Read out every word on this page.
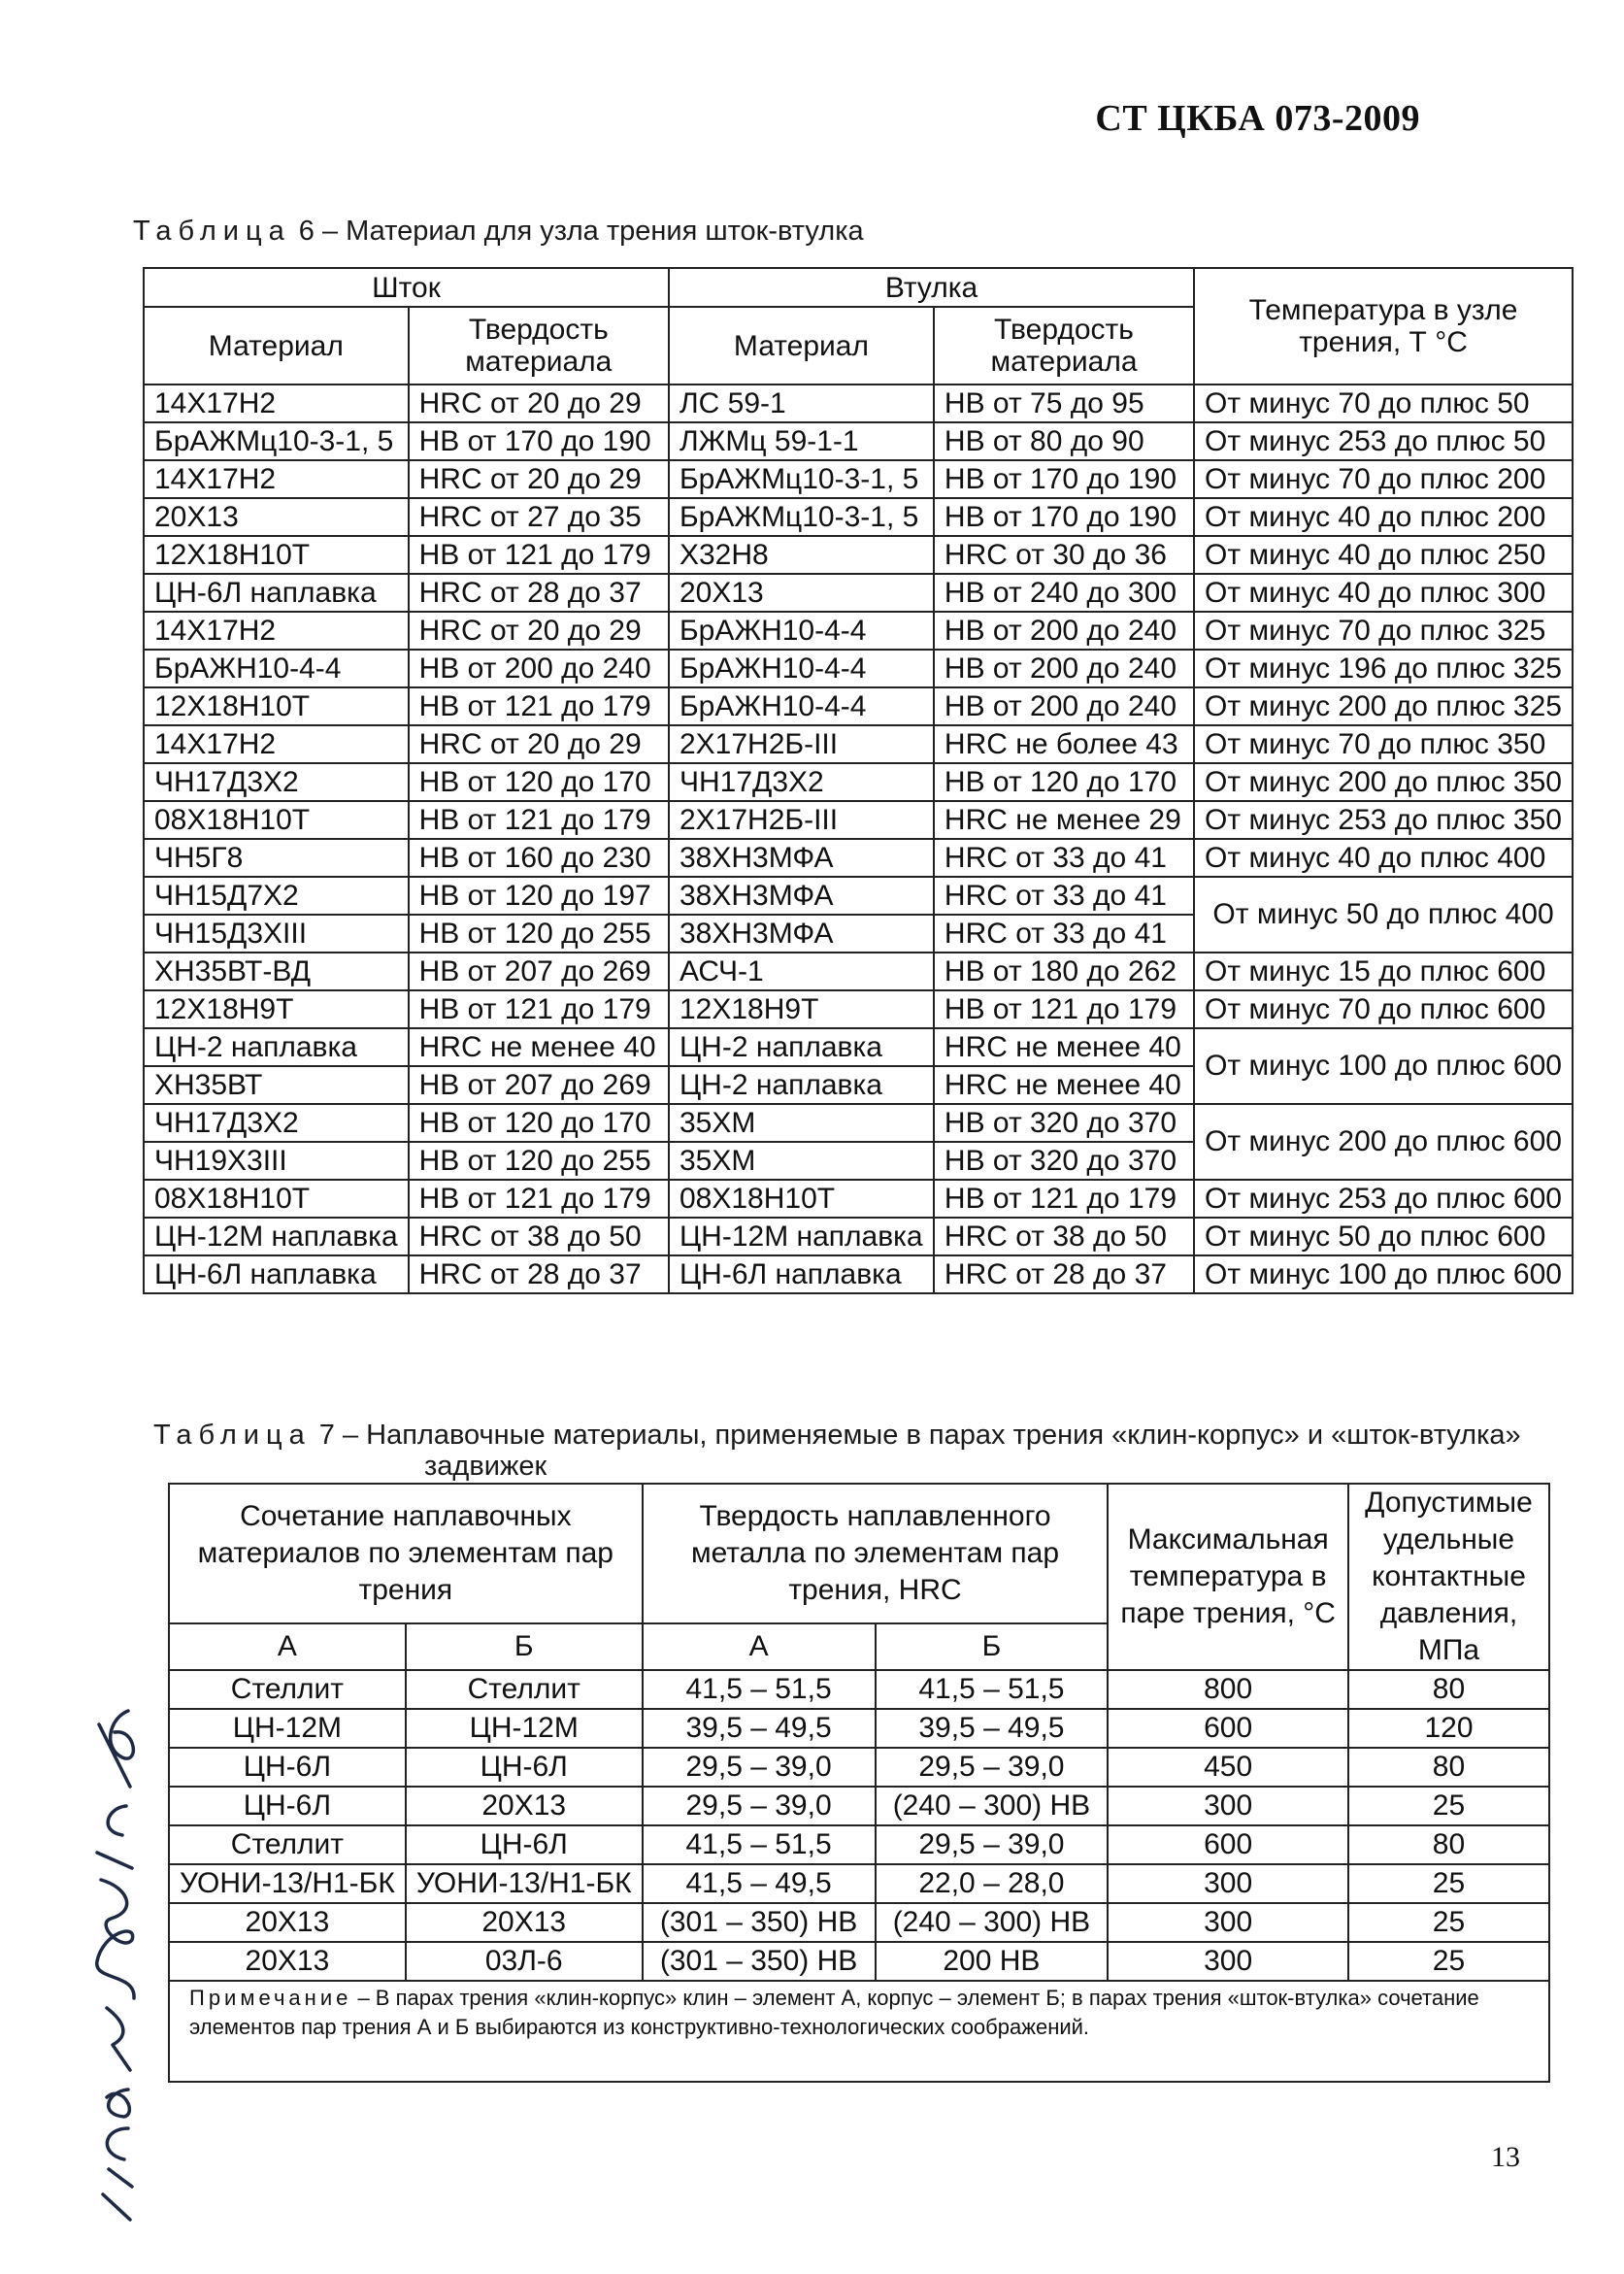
СТ ЦКБА 073-2009
Таблица 6 – Материал для узла трения шток-втулка
Шток		Втулка		Температура в узле трения, Т °С
Материал	Твердость материала	Материал	Твердость материала	
14Х17Н2	HRC от 20 до 29	ЛС 59-1	НВ от 75 до 95	От минус 70 до плюс 50
БрАЖМц10-3-1, 5	НВ от 170 до 190	ЛЖМц 59-1-1	НВ от 80 до 90	От минус 253 до плюс 50
14Х17Н2	HRC от 20 до 29	БрАЖМц10-3-1, 5	НВ от 170 до 190	От минус 70 до плюс 200
20Х13	HRC от 27 до 35	БрАЖМц10-3-1, 5	НВ от 170 до 190	От минус 40 до плюс 200
12Х18Н10Т	НВ от 121 до 179	Х32Н8	HRC от 30 до 36	От минус 40 до плюс 250
ЦН-6Л наплавка	HRC от 28 до 37	20Х13	НВ от 240 до 300	От минус 40 до плюс 300
14Х17Н2	HRC от 20 до 29	БрАЖН10-4-4	НВ от 200 до 240	От минус 70 до плюс 325
БрАЖН10-4-4	НВ от 200 до 240	БрАЖН10-4-4	НВ от 200 до 240	От минус 196 до плюс 325
12Х18Н10Т	НВ от 121 до 179	БрАЖН10-4-4	НВ от 200 до 240	От минус 200 до плюс 325
14Х17Н2	HRC от 20 до 29	2Х17Н2Б-III	HRC не более 43	От минус 70 до плюс 350
ЧН17Д3Х2	НВ от 120 до 170	ЧН17Д3Х2	НВ от 120 до 170	От минус 200 до плюс 350
08Х18Н10Т	НВ от 121 до 179	2Х17Н2Б-III	HRC не менее 29	От минус 253 до плюс 350
ЧН5Г8	НВ от 160 до 230	38ХН3МФА	HRC от 33 до 41	От минус 40 до плюс 400
ЧН15Д7Х2	НВ от 120 до 197	38ХН3МФА	HRC от 33 до 41	От минус 50 до плюс 400
ЧН15Д3ХIII	НВ от 120 до 255	38ХН3МФА	HRC от 33 до 41	
ХН35ВТ-ВД	НВ от 207 до 269	АСЧ-1	НВ от 180 до 262	От минус 15 до плюс 600
12Х18Н9Т	НВ от 121 до 179	12Х18Н9Т	НВ от 121 до 179	От минус 70 до плюс 600
ЦН-2 наплавка	HRC не менее 40	ЦН-2 наплавка	HRC не менее 40	От минус 100 до плюс 600
ХН35ВТ	НВ от 207 до 269	ЦН-2 наплавка	HRC не менее 40	
ЧН17Д3Х2	НВ от 120 до 170	35ХМ	НВ от 320 до 370	От минус 200 до плюс 600
ЧН19Х3III	НВ от 120 до 255	35ХМ	НВ от 320 до 370	
08Х18Н10Т	НВ от 121 до 179	08Х18Н10Т	НВ от 121 до 179	От минус 253 до плюс 600
ЦН-12М наплавка	HRC от 38 до 50	ЦН-12М наплавка	HRC от 38 до 50	От минус 50 до плюс 600
ЦН-6Л наплавка	HRC от 28 до 37	ЦН-6Л наплавка	HRC от 28 до 37	От минус 100 до плюс 600
Таблица 7 – Наплавочные материалы, применяемые в парах трения «клин-корпус» и «шток-втулка»
задвижек
Сочетание наплавочных материалов по элементам пар трения		Твердость наплавленного металла по элементам пар трения, HRC		Максимальная температура в паре трения, °С	Допустимые удельные контактные давления, МПа
А	Б	А	Б		
Стеллит	Стеллит	41,5 – 51,5	41,5 – 51,5	800	80
ЦН-12М	ЦН-12М	39,5 – 49,5	39,5 – 49,5	600	120
ЦН-6Л	ЦН-6Л	29,5 – 39,0	29,5 – 39,0	450	80
ЦН-6Л	20Х13	29,5 – 39,0	(240 – 300) НВ	300	25
Стеллит	ЦН-6Л	41,5 – 51,5	29,5 – 39,0	600	80
УОНИ-13/Н1-БК	УОНИ-13/Н1-БК	41,5 – 49,5	22,0 – 28,0	300	25
20Х13	20Х13	(301 – 350) НВ	(240 – 300) НВ	300	25
20Х13	03Л-6	(301 – 350) НВ	200 НВ	300	25
Примечание – В парах трения «клин-корпус» клин – элемент А, корпус – элемент Б; в парах трения «шток-втулка» сочетание элементов пар трения А и Б выбираются из конструктивно-технологических соображений.					
13
